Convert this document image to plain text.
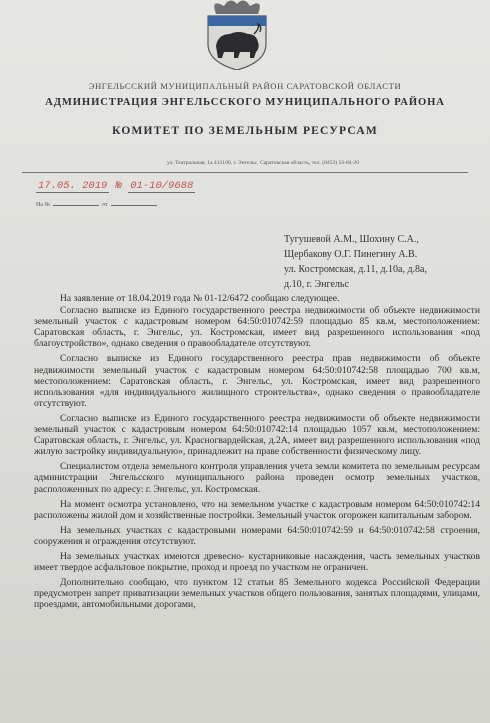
ЭНГЕЛЬССКИЙ МУНИЦИПАЛЬНЫЙ РАЙОН САРАТОВСКОЙ ОБЛАСТИ
АДМИНИСТРАЦИЯ ЭНГЕЛЬССКОГО МУНИЦИПАЛЬНОГО РАЙОНА
КОМИТЕТ ПО ЗЕМЕЛЬНЫМ РЕСУРСАМ
ул. Театральная, 1а 413100, г. Энгельс, Саратовская область, тел. (8453) 56-84-20
17.05. 2019 № 01-10/9688
На №	от
Тугушевой А.М., Шохину С.А.,
Щербакову О.Г. Пинегину А.В.
ул. Костромская, д.11, д.10а, д.8а,
д.10, г. Энгельс

На заявление от 18.04.2019 года № 01-12/6472 сообщаю следующее.

Согласно выписке из Единого государственного реестра недвижимости об объекте недвижимости земельный участок с кадастровым номером 64:50:010742:59 площадью 85 кв.м, местоположением: Саратовская область, г. Энгельс, ул. Костромская, имеет вид разрешенного использования «под благоустройство», однако сведения о правообладателе отсутствуют.

Согласно выписке из Единого государственного реестра прав недвижимости об объекте недвижимости земельный участок с кадастровым номером 64:50:010742:58 площадью 700 кв.м, местоположением: Саратовская область, г. Энгельс, ул. Костромская, имеет вид разрешенного использования «для индивидуального жилищного строительства», однако сведения о правообладателе отсутствуют.

Согласно выписке из Единого государственного реестра недвижимости об объекте недвижимости земельный участок с кадастровым номером 64:50:010742:14 площадью 1057 кв.м, местоположением: Саратовская область, г. Энгельс, ул. Красногвардейская, д.2А, имеет вид разрешенного использования «под жилую застройку индивидуальную», принадлежит на праве собственности физическому лицу.

Специалистом отдела земельного контроля управления учета земли комитета по земельным ресурсам администрации Энгельсского муниципального района проведен осмотр земельных участков, расположенных по адресу: г. Энгельс, ул. Костромская.

На момент осмотра установлено, что на земельном участке с кадастровым номером 64:50:010742:14 расположены жилой дом и хозяйственные постройки. Земельный участок огорожен капитальным забором.

На земельных участках с кадастровыми номерами 64:50:010742:59 и 64:50:010742:58 строения, сооружения и ограждения отсутствуют.

На земельных участках имеются древесно- кустарниковые насаждения, часть земельных участков имеет твердое асфальтовое покрытие, проход и проезд по участком не ограничен.

Дополнительно сообщаю, что пунктом 12 статьи 85 Земельного кодекса Российской Федерации предусмотрен запрет приватизации земельных участков общего пользования, занятых площадями, улицами, проездами, автомобильными дорогами,
